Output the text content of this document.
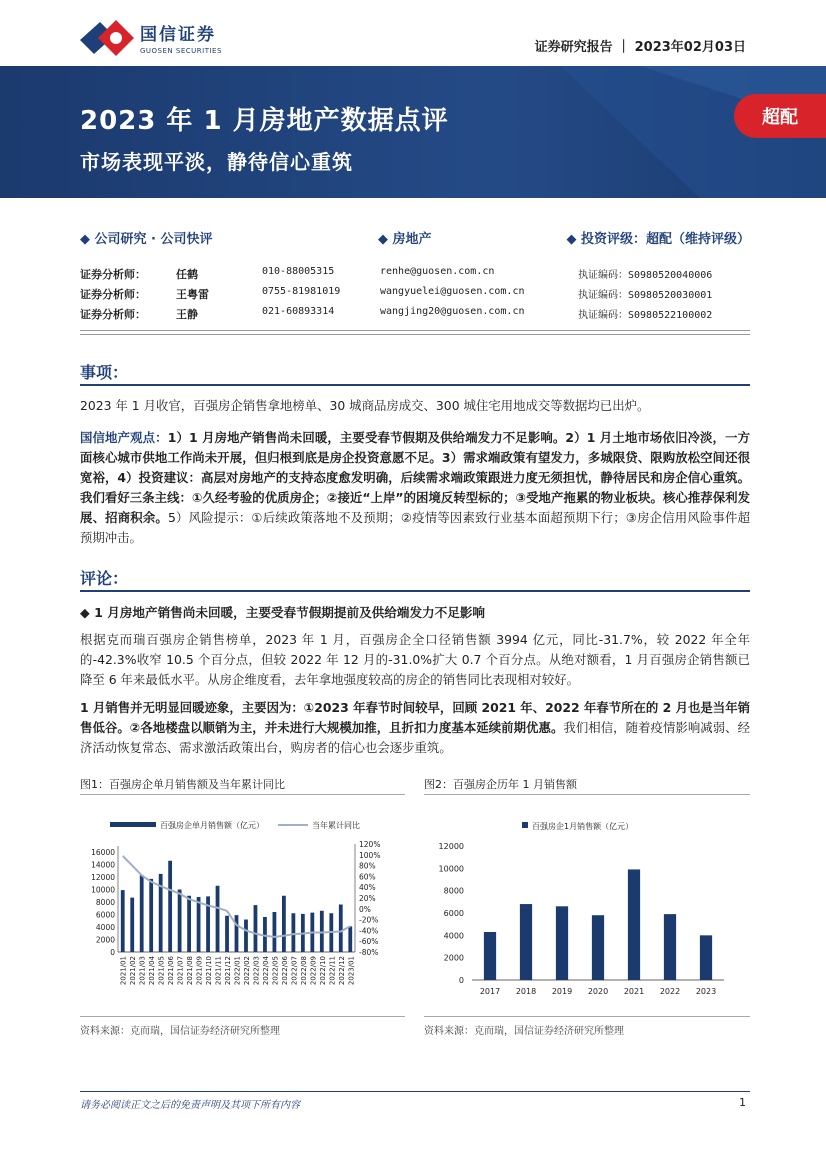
国信证券
GUOSEN SECURITIES	证券研究报告 ｜ 2023年02月03日
2023 年 1 月房地产数据点评
市场表现平淡，静待信心重筑
超配
◆ 公司研究 · 公司快评	◆ 房地产	◆ 投资评级：超配（维持评级）
证券分析师：	任鹤	010-88005315	renhe@guosen.com.cn	执证编码：S0980520040006
证券分析师：	王粤雷	0755-81981019	wangyuelei@guosen.com.cn	执证编码：S0980520030001
证券分析师：	王静	021-60893314	wangjing20@guosen.com.cn	执证编码：S0980522100002
事项：
2023 年 1 月收官，百强房企销售拿地榜单、30 城商品房成交、300 城住宅用地成交等数据均已出炉。
国信地产观点：1）1 月房地产销售尚未回暖，主要受春节假期及供给端发力不足影响。2）1 月土地市场依旧冷淡，一方面核心城市供地工作尚未开展，但归根到底是房企投资意愿不足。3）需求端政策有望发力，多城限贷、限购放松空间还很宽裕，4）投资建议：高层对房地产的支持态度愈发明确，后续需求端政策跟进力度无须担忧，静待居民和房企信心重筑。我们看好三条主线：①久经考验的优质房企；②接近“上岸”的困境反转型标的；③受地产拖累的物业板块。核心推荐保利发展、招商积余。5）风险提示：①后续政策落地不及预期；②疫情等因素致行业基本面超预期下行；③房企信用风险事件超预期冲击。
评论：
◆ 1 月房地产销售尚未回暖，主要受春节假期提前及供给端发力不足影响
根据克而瑞百强房企销售榜单，2023 年 1 月，百强房企全口径销售额 3994 亿元，同比-31.7%，较 2022 年全年的-42.3%收窄 10.5 个百分点，但较 2022 年 12 月的-31.0%扩大 0.7 个百分点。从绝对额看，1 月百强房企销售额已降至 6 年来最低水平。从房企维度看，去年拿地强度较高的房企的销售同比表现相对较好。
1 月销售并无明显回暖迹象，主要因为：①2023 年春节时间较早，回顾 2021 年、2022 年春节所在的 2 月也是当年销售低谷。②各地楼盘以顺销为主，并未进行大规模加推，且折扣力度基本延续前期优惠。我们相信，随着疫情影响减弱、经济活动恢复常态、需求激活政策出台，购房者的信心也会逐步重筑。
图1：百强房企单月销售额及当年累计同比
百强房企单月销售额（亿元）	当年累计同比
16000
14000
12000
10000
8000
6000
4000
2000
0
120%
100%
80%
60%
40%
20%
0%
-20%
-40%
-60%
-80%
2021/01 2021/02 2021/03 2021/04 2021/05 2021/06 2021/07 2021/08 2021/09 2021/10 2021/11 2021/12 2022/01 2022/02 2022/03 2022/04 2022/05 2022/06 2022/07 2022/08 2022/09 2022/10 2022/11 2022/12 2023/01
资料来源：克而瑞，国信证券经济研究所整理
图2：百强房企历年 1 月销售额
百强房企1月销售额（亿元）
12000
10000
8000
6000
4000
2000
0
2017 2018 2019 2020 2021 2022 2023
资料来源：克而瑞，国信证券经济研究所整理
请务必阅读正文之后的免责声明及其项下所有内容	1
